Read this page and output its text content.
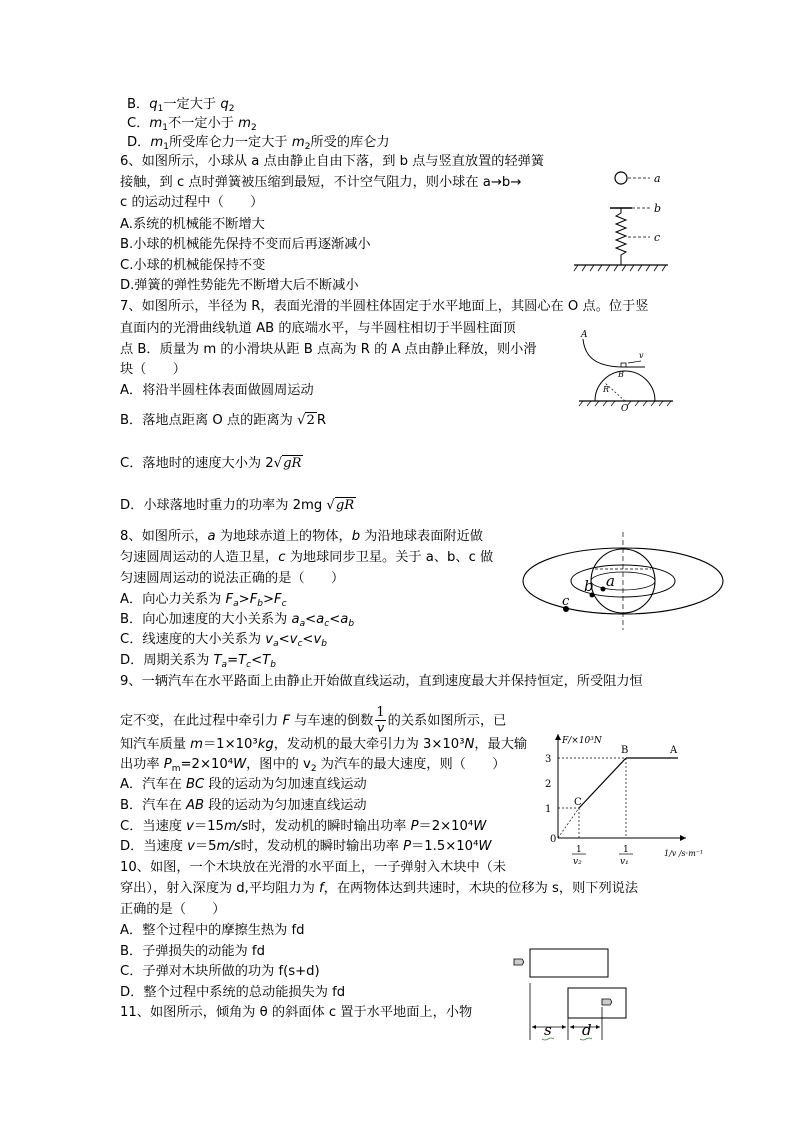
B．$q_1$一定大于 $q_2$
C．$m_1$不一定小于 $m_2$
D．$m_1$所受库仑力一定大于 $m_2$所受的库仑力
6、如图所示，小球从 a 点由静止自由下落，到 b 点与竖直放置的轻弹簧
接触，到 c 点时弹簧被压缩到最短，不计空气阻力，则小球在 a→b→
c 的运动过程中（　　）
A.系统的机械能不断增大
B.小球的机械能先保持不变而后再逐渐减小
C.小球的机械能保持不变
D.弹簧的弹性势能先不断增大后不断减小
a
b
c
7、如图所示，半径为 R，表面光滑的半圆柱体固定于水平地面上，其圆心在 O 点。位于竖
直面内的光滑曲线轨道 AB 的底端水平，与半圆柱相切于半圆柱面顶
点 B．质量为 m 的小滑块从距 B 点高为 R 的 A 点由静止释放，则小滑
块（　　）
A．将沿半圆柱体表面做圆周运动
B．落地点距离 O 点的距离为 √2 R
C．落地时的速度大小为 2√gR
D．小球落地时重力的功率为 2mg √gR
A
v
B
R
O
8、如图所示，a 为地球赤道上的物体，b 为沿地球表面附近做
匀速圆周运动的人造卫星，c 为地球同步卫星。关于 a、b、c 做
匀速圆周运动的说法正确的是（　　）
A．向心力关系为 $F_a>F_b>F_c$
B．向心加速度的大小关系为 $a_a<a_c<a_b$
C．线速度的大小关系为 $v_a<v_c<v_b$
D．周期关系为 $T_a=T_c<T_b$
a
b
c
9、一辆汽车在水平路面上由静止开始做直线运动，直到速度最大并保持恒定，所受阻力恒
定不变，在此过程中牵引力 F 与车速的倒数 $\frac{1}{v}$ 的关系如图所示，已
知汽车质量 m＝1×10³kg，发动机的最大牵引力为 3×10³N，最大输
出功率 $P_m=2\times 10^4W$，图中的 $v_2$ 为汽车的最大速度，则（　　）
A．汽车在 BC 段的运动为匀加速直线运动
B．汽车在 AB 段的运动为匀加速直线运动
C．当速度 v＝15m/s时，发动机的瞬时输出功率 P＝2×10⁴W
D．当速度 v＝5m/s时，发动机的瞬时输出功率 P＝1.5×10⁴W
F/×10³N
0
1
2
3
C
B	A
1
v₂
1
v₁
1/v /s·m⁻¹
10、如图，一个木块放在光滑的水平面上，一子弹射入木块中（未
穿出），射入深度为 d,平均阻力为 f，在两物体达到共速时，木块的位移为 s，则下列说法
正确的是（　　）
A．整个过程中的摩擦生热为 fd
B．子弹损失的动能为 fd
C．子弹对木块所做的功为 f(s+d)
D．整个过程中系统的总动能损失为 fd
s d
11、如图所示，倾角为 θ 的斜面体 c 置于水平地面上，小物
